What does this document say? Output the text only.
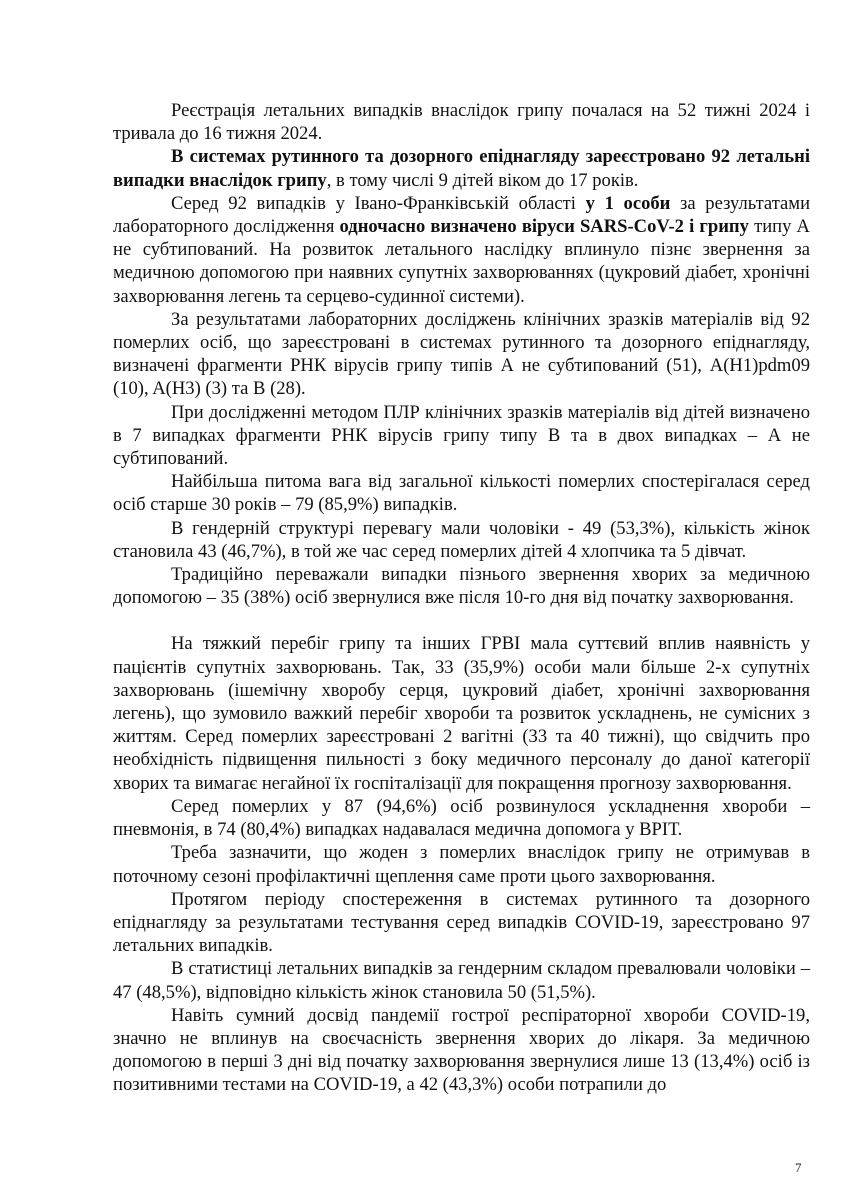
Реєстрація летальних випадків внаслідок грипу почалася на 52 тижні 2024 і тривала до 16 тижня 2024.

В системах рутинного та дозорного епіднагляду зареєстровано 92 летальні випадки внаслідок грипу, в тому числі 9 дітей віком до 17 років.

Серед 92 випадків у Івано-Франківській області у 1 особи за результатами лабораторного дослідження одночасно визначено віруси SARS-CoV-2 і грипу типу А не субтипований. На розвиток летального наслідку вплинуло пізнє звернення за медичною допомогою при наявних супутніх захворюваннях (цукровий діабет, хронічні захворювання легень та серцево-судинної системи).

За результатами лабораторних досліджень клінічних зразків матеріалів від 92 померлих осіб, що зареєстровані в системах рутинного та дозорного епіднагляду, визначені фрагменти РНК вірусів грипу типів А не субтипований (51), A(H1)pdm09 (10), A(H3) (3) та В (28).

При дослідженні методом ПЛР клінічних зразків матеріалів від дітей визначено в 7 випадках фрагменти РНК вірусів грипу типу В та в двох випадках – А не субтипований.

Найбільша питома вага від загальної кількості померлих спостерігалася серед осіб старше 30 років – 79 (85,9%) випадків.

В гендерній структурі перевагу мали чоловіки - 49 (53,3%), кількість жінок становила 43 (46,7%), в той же час серед померлих дітей 4 хлопчика та 5 дівчат.

Традиційно переважали випадки пізнього звернення хворих за медичною допомогою – 35 (38%) осіб звернулися вже після 10-го дня від початку захворювання.

На тяжкий перебіг грипу та інших ГРВІ мала суттєвий вплив наявність у пацієнтів супутніх захворювань. Так, 33 (35,9%) особи мали більше 2-х супутніх захворювань (ішемічну хворобу серця, цукровий діабет, хронічні захворювання легень), що зумовило важкий перебіг хвороби та розвиток ускладнень, не сумісних з життям. Серед померлих зареєстровані 2 вагітні (33 та 40 тижні), що свідчить про необхідність підвищення пильності з боку медичного персоналу до даної категорії хворих та вимагає негайної їх госпіталізації для покращення прогнозу захворювання.

Серед померлих у 87 (94,6%) осіб розвинулося ускладнення хвороби – пневмонія, в 74 (80,4%) випадках надавалася медична допомога у ВРІТ.

Треба зазначити, що жоден з померлих внаслідок грипу не отримував в поточному сезоні профілактичні щеплення саме проти цього захворювання.

Протягом періоду спостереження в системах рутинного та дозорного епіднагляду за результатами тестування серед випадків COVID-19, зареєстровано 97 летальних випадків.

В статистиці летальних випадків за гендерним складом превалювали чоловіки – 47 (48,5%), відповідно кількість жінок становила 50 (51,5%).

Навіть сумний досвід пандемії гострої респіраторної хвороби COVID-19, значно не вплинув на своєчасність звернення хворих до лікаря. За медичною допомогою в перші 3 дні від початку захворювання звернулися лише 13 (13,4%) осіб із позитивними тестами на COVID-19, а 42 (43,3%) особи потрапили до

7
